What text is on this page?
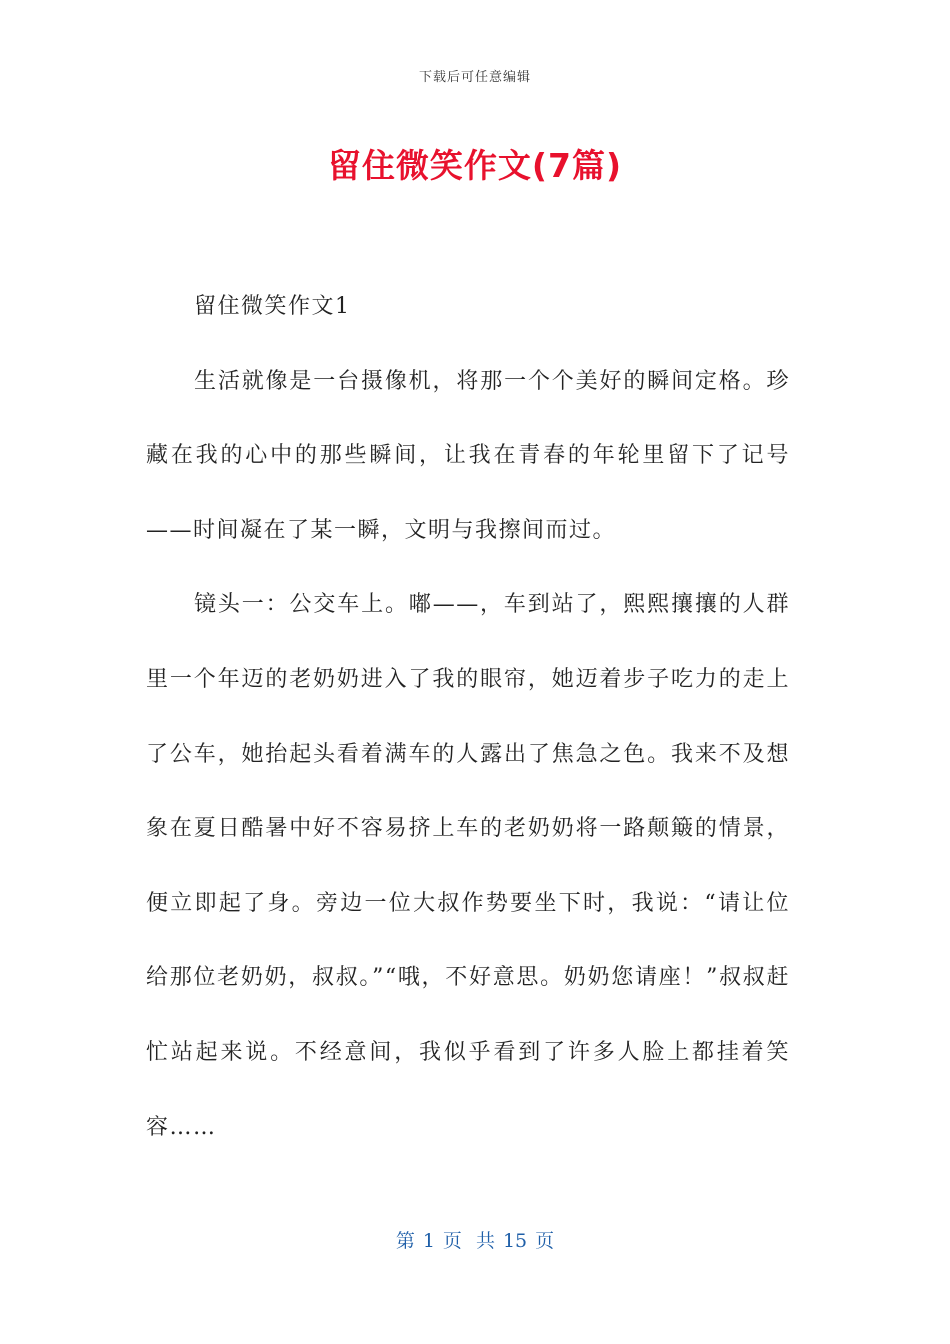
下载后可任意编辑
留住微笑作文(7篇)

留住微笑作文1

生活就像是一台摄像机，将那一个个美好的瞬间定格。珍藏在我的心中的那些瞬间，让我在青春的年轮里留下了记号——时间凝在了某一瞬，文明与我擦间而过。

镜头一：公交车上。嘟——，车到站了，熙熙攘攘的人群里一个年迈的老奶奶进入了我的眼帘，她迈着步子吃力的走上了公车，她抬起头看着满车的人露出了焦急之色。我来不及想象在夏日酷暑中好不容易挤上车的老奶奶将一路颠簸的情景，便立即起了身。旁边一位大叔作势要坐下时，我说：“请让位给那位老奶奶，叔叔。”“哦，不好意思。奶奶您请座！”叔叔赶忙站起来说。不经意间，我似乎看到了许多人脸上都挂着笑容……

第 1 页 共 15 页
